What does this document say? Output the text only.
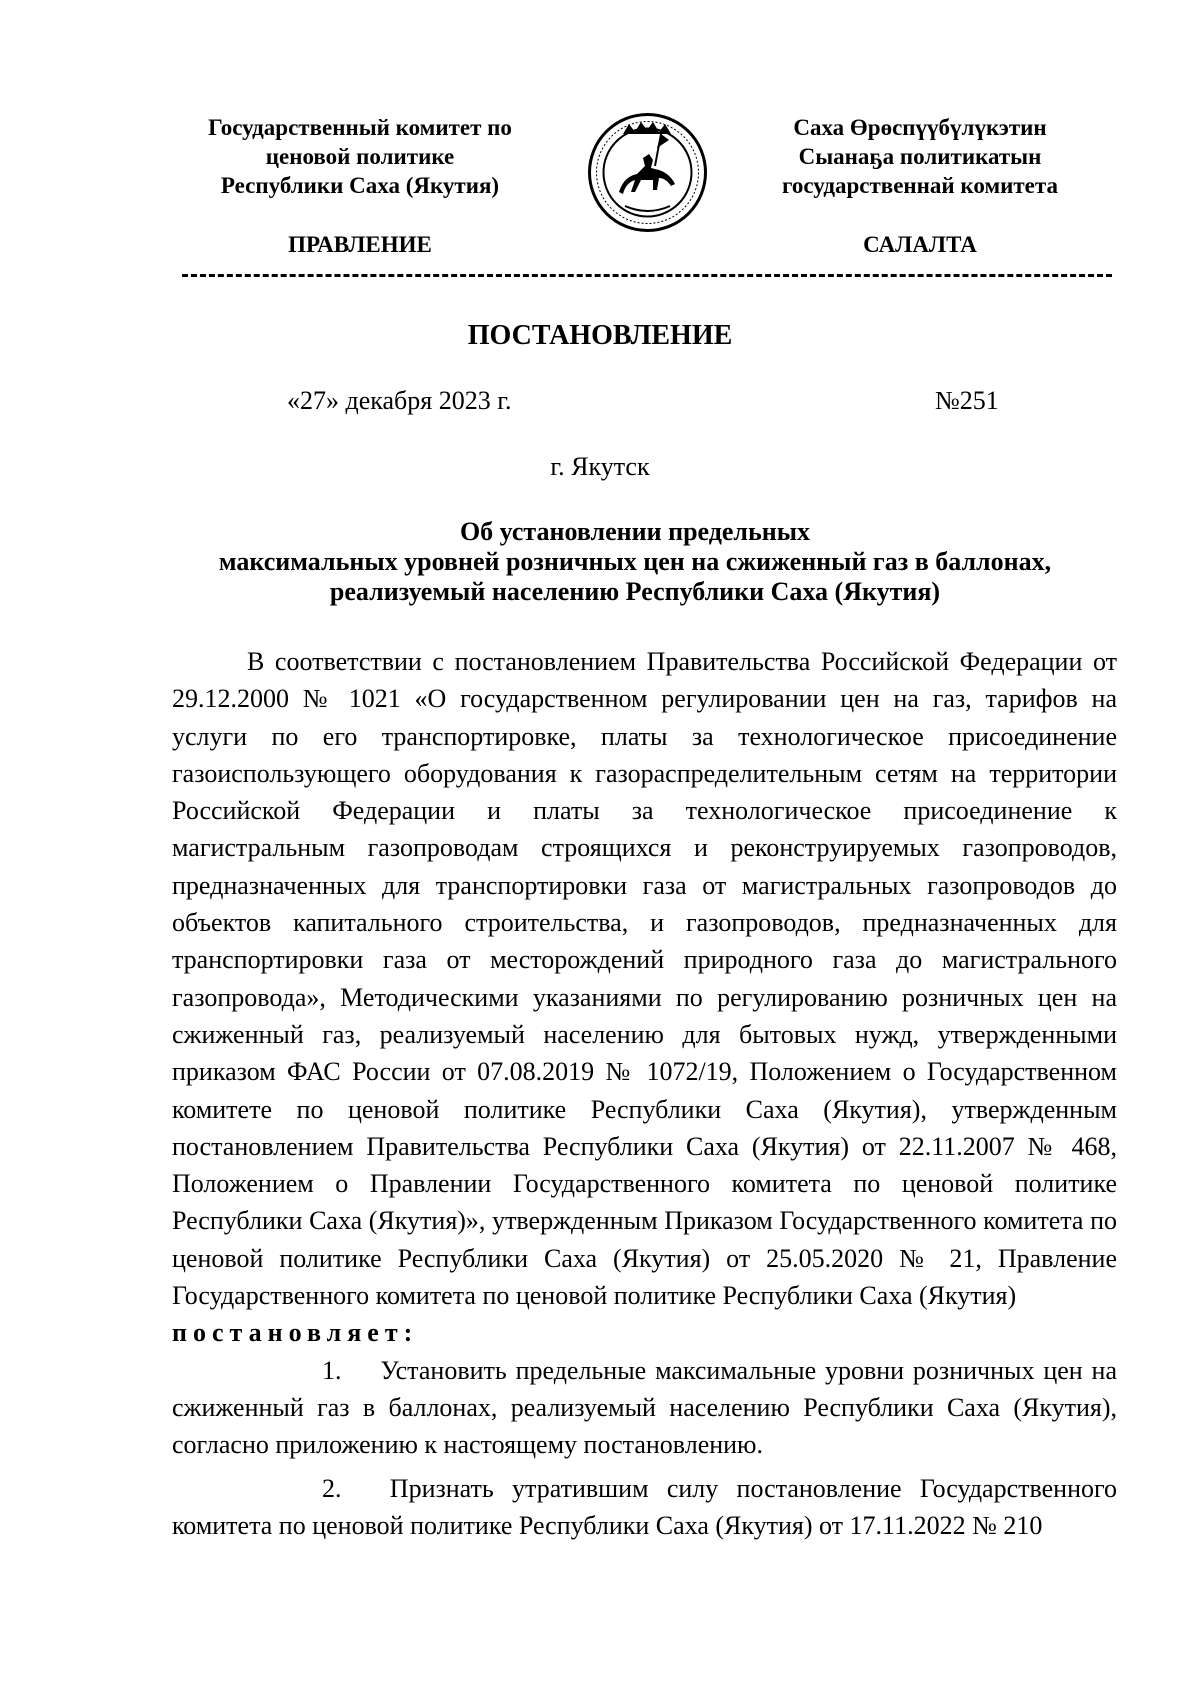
Государственный комитет по
ценовой политике
Республики Саха (Якутия)
Саха Өрөспүүбүлүкэтин
Сыанаҕа политикатын
государственнай комитета
ПРАВЛЕНИЕ	САЛАЛТА
ПОСТАНОВЛЕНИЕ
«27» декабря 2023 г.	№251
г. Якутск
Об установлении предельных
максимальных уровней розничных цен на сжиженный газ в баллонах,
реализуемый населению Республики Саха (Якутия)

В соответствии с постановлением Правительства Российской Федерации от 29.12.2000 № 1021 «О государственном регулировании цен на газ, тарифов на услуги по его транспортировке, платы за технологическое присоединение газоиспользующего оборудования к газораспределительным сетям на территории Российской Федерации и платы за технологическое присоединение к магистральным газопроводам строящихся и реконструируемых газопроводов, предназначенных для транспортировки газа от магистральных газопроводов до объектов капитального строительства, и газопроводов, предназначенных для транспортировки газа от месторождений природного газа до магистрального газопровода», Методическими указаниями по регулированию розничных цен на сжиженный газ, реализуемый населению для бытовых нужд, утвержденными приказом ФАС России от 07.08.2019 № 1072/19, Положением о Государственном комитете по ценовой политике Республики Саха (Якутия), утвержденным постановлением Правительства Республики Саха (Якутия) от 22.11.2007 № 468, Положением о Правлении Государственного комитета по ценовой политике Республики Саха (Якутия)», утвержденным Приказом Государственного комитета по ценовой политике Республики Саха (Якутия) от 25.05.2020 № 21, Правление Государственного комитета по ценовой политике Республики Саха (Якутия)

постановляет:

1. Установить предельные максимальные уровни розничных цен на сжиженный газ в баллонах, реализуемый населению Республики Саха (Якутия), согласно приложению к настоящему постановлению.

2. Признать утратившим силу постановление Государственного комитета по ценовой политике Республики Саха (Якутия) от 17.11.2022 № 210
